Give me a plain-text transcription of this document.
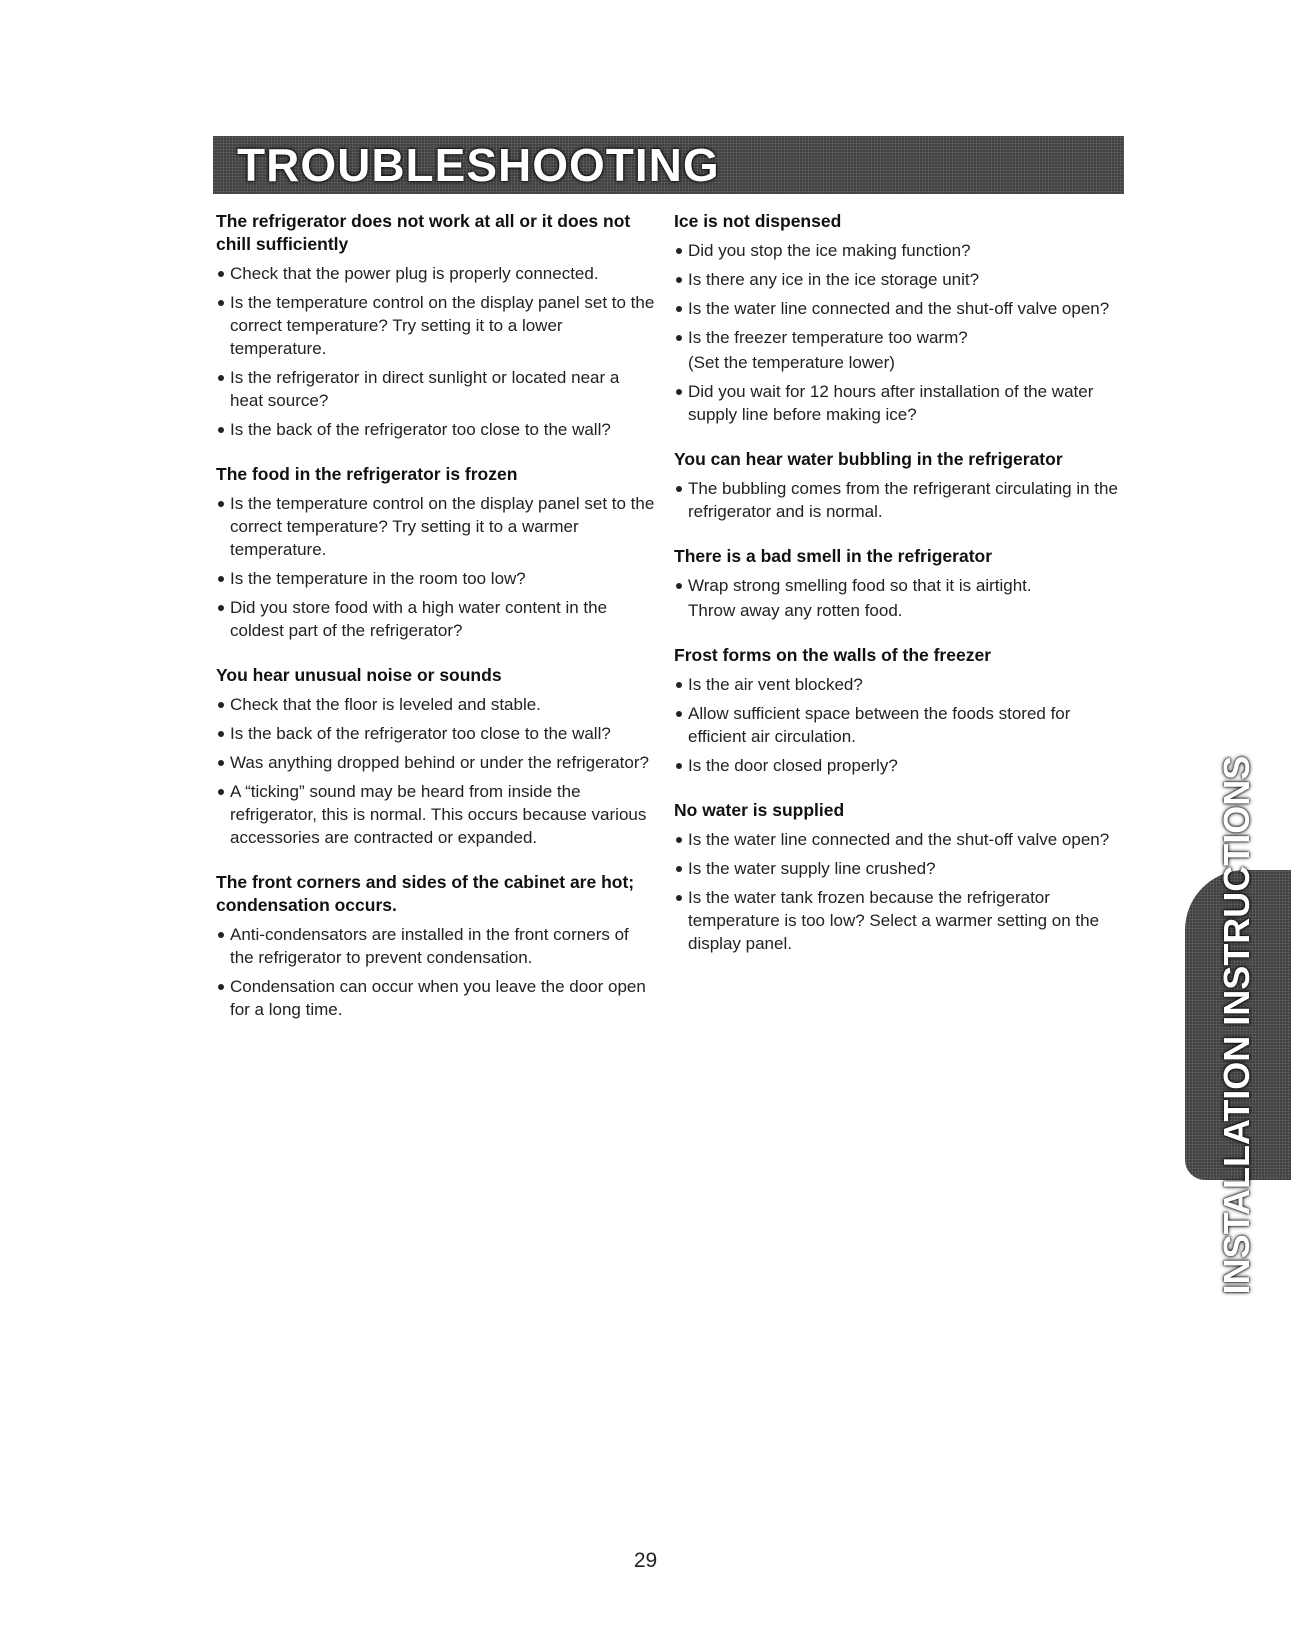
TROUBLESHOOTING
The refrigerator does not work at all or it does not chill sufficiently
Check that the power plug is properly connected.
Is the temperature control on the display panel set to the correct temperature? Try setting it to a lower temperature.
Is the refrigerator in direct sunlight or located near a heat source?
Is the back of the refrigerator too close to the wall?
The food in the refrigerator is frozen
Is the temperature control on the display panel set to the correct temperature? Try setting it to a warmer temperature.
Is the temperature in the room too low?
Did you store food with a high water content in the coldest part of the refrigerator?
You hear unusual noise or sounds
Check that the floor is leveled and stable.
Is the back of the refrigerator too close to the wall?
Was anything dropped behind or under the refrigerator?
A “ticking” sound may be heard from inside the refrigerator, this is normal. This occurs because various accessories are contracted or expanded.
The front corners and sides of the cabinet are hot; condensation occurs.
Anti-condensators are installed in the front corners of the refrigerator to prevent condensation.
Condensation can occur when you leave the door open for a long time.
Ice is not dispensed
Did you stop the ice making function?
Is there any ice in the ice storage unit?
Is the water line connected and the shut-off valve open?
Is the freezer temperature too warm?
(Set the temperature lower)
Did you wait for 12 hours after installation of the water supply line before making ice?
You can hear water bubbling in the refrigerator
The bubbling comes from the refrigerant circulating in the refrigerator and is normal.
There is a bad smell in the refrigerator
Wrap strong smelling food so that it is airtight.
Throw away any rotten food.
Frost forms on the walls of the freezer
Is the air vent blocked?
Allow sufficient space between the foods stored for efficient air circulation.
Is the door closed properly?
No water is supplied
Is the water line connected and the shut-off valve open?
Is the water supply line crushed?
Is the water tank frozen because the refrigerator temperature is too low? Select a warmer setting on the display panel.	INSTALLATION INSTRUCTIONS
29
